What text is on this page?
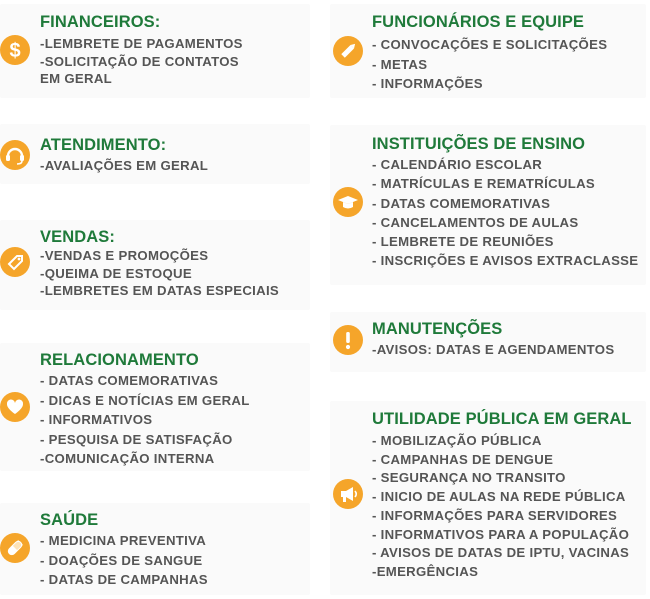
$
FINANCEIROS:
-LEMBRETE DE PAGAMENTOS
-SOLICITAÇÃO DE CONTATOS
EM GERAL
ATENDIMENTO:
-AVALIAÇÕES EM GERAL
VENDAS:
-VENDAS E PROMOÇÕES
-QUEIMA DE ESTOQUE
-LEMBRETES EM DATAS ESPECIAIS
RELACIONAMENTO
- DATAS COMEMORATIVAS
- DICAS E NOTÍCIAS EM GERAL
- INFORMATIVOS
- PESQUISA DE SATISFAÇÃO
-COMUNICAÇÃO INTERNA
SAÚDE
- MEDICINA PREVENTIVA
- DOAÇÕES DE SANGUE
- DATAS DE CAMPANHAS
FUNCIONÁRIOS E EQUIPE
- CONVOCAÇÕES E SOLICITAÇÕES
- METAS
- INFORMAÇÕES
INSTITUIÇÕES DE ENSINO
- CALENDÁRIO ESCOLAR
- MATRÍCULAS E REMATRÍCULAS
- DATAS COMEMORATIVAS
- CANCELAMENTOS DE AULAS
- LEMBRETE DE REUNIÕES
- INSCRIÇÕES E AVISOS EXTRACLASSE
MANUTENÇÕES
-AVISOS: DATAS E AGENDAMENTOS
UTILIDADE PÚBLICA EM GERAL
- MOBILIZAÇÃO PÚBLICA
- CAMPANHAS DE DENGUE
- SEGURANÇA NO TRANSITO
- INICIO DE AULAS NA REDE PÚBLICA
- INFORMAÇÕES PARA SERVIDORES
- INFORMATIVOS PARA A POPULAÇÃO
- AVISOS DE DATAS DE IPTU, VACINAS
-EMERGÊNCIAS
